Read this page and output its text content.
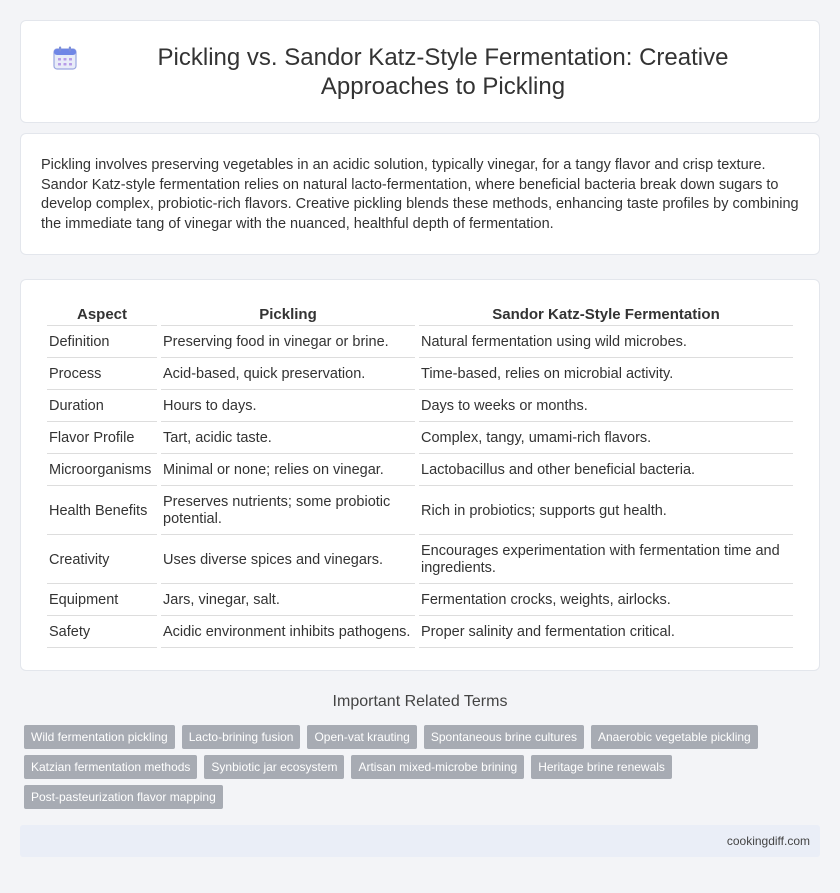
Pickling vs. Sandor Katz-Style Fermentation: Creative Approaches to Pickling

Pickling involves preserving vegetables in an acidic solution, typically vinegar, for a tangy flavor and crisp texture. Sandor Katz-style fermentation relies on natural lacto-fermentation, where beneficial bacteria break down sugars to develop complex, probiotic-rich flavors. Creative pickling blends these methods, enhancing taste profiles by combining the immediate tang of vinegar with the nuanced, healthful depth of fermentation.

Aspect	Pickling	Sandor Katz-Style Fermentation
Definition	Preserving food in vinegar or brine.	Natural fermentation using wild microbes.
Process	Acid-based, quick preservation.	Time-based, relies on microbial activity.
Duration	Hours to days.	Days to weeks or months.
Flavor Profile	Tart, acidic taste.	Complex, tangy, umami-rich flavors.
Microorganisms	Minimal or none; relies on vinegar.	Lactobacillus and other beneficial bacteria.
Health Benefits	Preserves nutrients; some probiotic potential.	Rich in probiotics; supports gut health.
Creativity	Uses diverse spices and vinegars.	Encourages experimentation with fermentation time and ingredients.
Equipment	Jars, vinegar, salt.	Fermentation crocks, weights, airlocks.
Safety	Acidic environment inhibits pathogens.	Proper salinity and fermentation critical.
Important Related Terms
Wild fermentation pickling	Lacto-brining fusion	Open-vat krauting	Spontaneous brine cultures	Anaerobic vegetable pickling
Katzian fermentation methods	Synbiotic jar ecosystem	Artisan mixed-microbe brining	Heritage brine renewals
Post-pasteurization flavor mapping
cookingdiff.com
